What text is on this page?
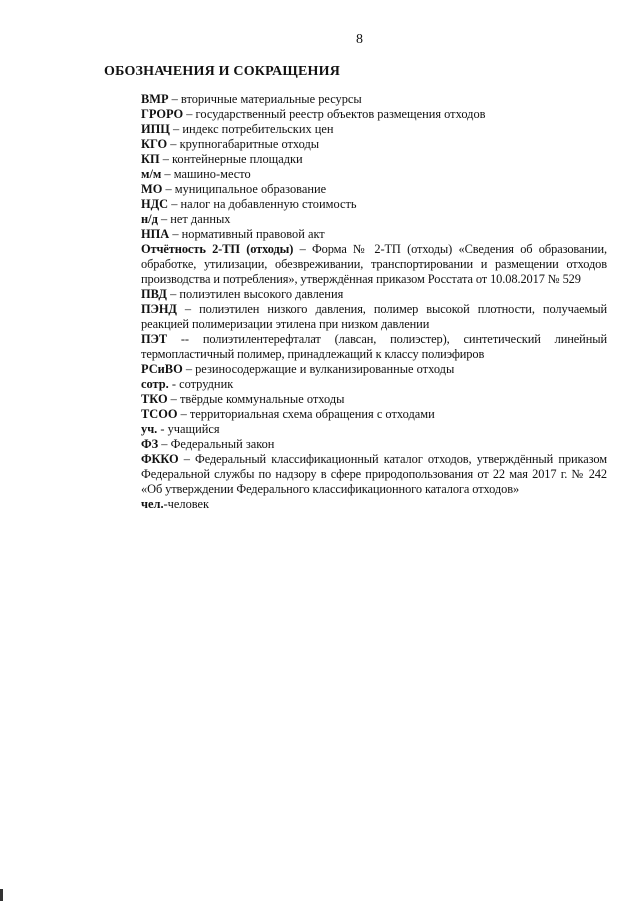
8
ОБОЗНАЧЕНИЯ И СОКРАЩЕНИЯ

ВМР – вторичные материальные ресурсы

ГРОРО – государственный реестр объектов размещения отходов

ИПЦ – индекс потребительских цен

КГО – крупногабаритные отходы

КП – контейнерные площадки

м/м – машино-место

МО – муниципальное образование

НДС – налог на добавленную стоимость

н/д – нет данных

НПА – нормативный правовой акт

Отчётность 2-ТП (отходы) – Форма № 2-ТП (отходы) «Сведения об образовании, обработке, утилизации, обезвреживании, транспортировании и размещении отходов производства и потребления», утверждённая приказом Росстата от 10.08.2017 № 529

ПВД – полиэтилен высокого давления

ПЭНД – полиэтилен низкого давления, полимер высокой плотности, получаемый реакцией полимеризации этилена при низком давлении

ПЭТ -- полиэтилентерефталат (лавсан, полиэстер), синтетический линейный термопластичный полимер, принадлежащий к классу полиэфиров

РСиВО – резиносодержащие и вулканизированные отходы

сотр. - сотрудник

ТКО – твёрдые коммунальные отходы

ТСОО – территориальная схема обращения с отходами

уч. - учащийся

ФЗ – Федеральный закон

ФККО – Федеральный классификационный каталог отходов, утверждённый приказом Федеральной службы по надзору в сфере природопользования от 22 мая 2017 г. № 242 «Об утверждении Федерального классификационного каталога отходов»

чел.-человек
